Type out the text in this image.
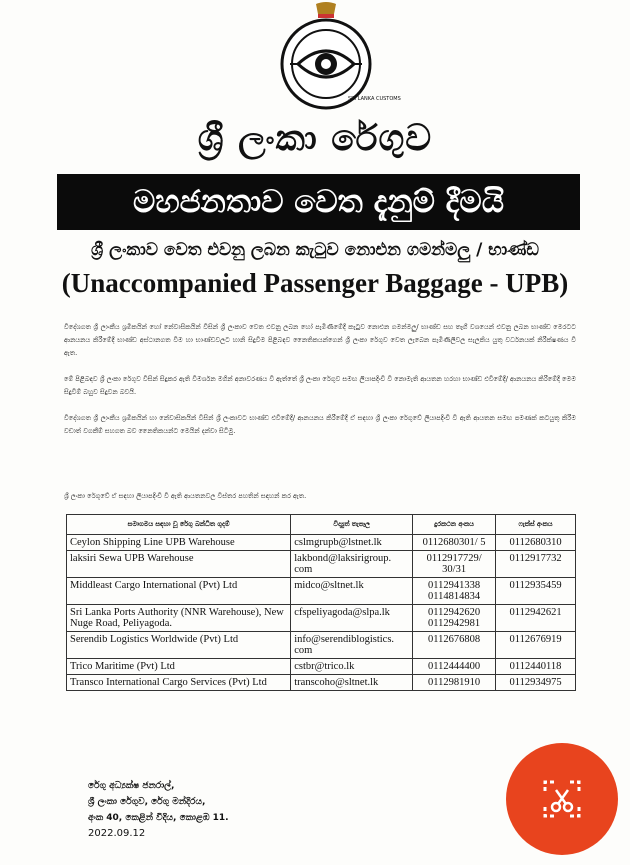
SRI LANKA CUSTOMS
ශ්‍රී ලංකා රේගුව
මහජනතාව වෙත දැනුම් දීමයි
ශ්‍රී ලංකාව වෙත එවනු ලබන කැටුව නොඑන ගමන්මලු / භාණ්ඩ
(Unaccompanied Passenger Baggage - UPB)

විදේශගත ශ්‍රී ලාංකීය ශ්‍රමිකයින් හෝ නේවාසිකයින් විසින් ශ්‍රී ලංකාව වෙත එවනු ලබන හෝ පැමිණීමේදී කැටුව නොඑන ගමන්මලු/ භාණ්ඩ සහ තෑගී වශයෙන් එවනු ලබන භාණ්ඩ මෙරටට ආනයනය කිරීමේදී භාණ්ඩ අස්ථානගත වීම හා භාණ්ඩවලට හානි සිදුවීම පිළිබඳව නෛතිකයන්ගෙන් ශ්‍රී ලංකා රේගුව වෙත ලැබෙන පැමිණිලිවල සැලකිය යුතු වර්ධනයක් නිරීක්ෂණය වී ඇත.

මේ පිළිබඳව ශ්‍රී ලංකා රේගුව විසින් සිදුකර ඇති විමර්ශන මගින් අනාවරණය වී ඇත්තේ ශ්‍රී ලංකා රේගුව සමඟ ලියාපදිංචි වී නොමැති ආයතන හරහා භාණ්ඩ එවීමේදී/ ආනයනය කිරීමේදී මෙම සිදුවීම් බහුව සිදුවන බවයි.

විදේශගත ශ්‍රී ලාංකීය ශ්‍රමිකයින් හා නේවාසිකයින් විසින් ශ්‍රී ලංකාවට භාණ්ඩ එවීමේදී/ ආනයනය කිරීමේදී ඒ සඳහා ශ්‍රී ලංකා රේගුවේ ලියාපදිංචි වී ඇති ආයතන සමඟ පමණක් කටයුතු කිරීම වඩාත් වගකීම් සහගත බව නෛතිකයන්ට මෙයින් දන්වා සිටිමු.

ශ්‍රී ලංකා රේගුවේ ඒ සඳහා ලියාපදිංචි වී ඇති ආයතනවල විස්තර පහතින් සඳහන් කර ඇත.

සමාගමය සඳහා වූ රේගු බන්ධිත ගුදම්	විද්‍යුත් තැපෑල	දුරකථන අංකය	ෆැක්ස් අංකය
Ceylon Shipping Line UPB Warehouse	cslmgrupb@lstnet.lk	0112680301/ 5	0112680310
laksiri Sewa UPB Warehouse	lakbond@laksirigroup. com	0112917729/ 30/31	0112917732
Middleast Cargo International (Pvt) Ltd	midco@sltnet.lk	0112941338 0114814834	0112935459
Sri Lanka Ports Authority (NNR Warehouse), New Nuge Road, Peliyagoda.	cfspeliyagoda@slpa.lk	0112942620 0112942981	0112942621
Serendib Logistics Worldwide (Pvt) Ltd	info@serendiblogistics. com	0112676808	0112676919
Trico Maritime (Pvt) Ltd	cstbr@trico.lk	0112444400	0112440118
Transco International Cargo Services (Pvt) Ltd	transcoho@sltnet.lk	0112981910	0112934975
රේගු අධ්‍යක්ෂ ජනරාල්,
ශ්‍රී ලංකා රේගුව, රේගු මන්දිරය,
අංක 40, කෙළින් වීදිය, කොළඹ 11.
2022.09.12
